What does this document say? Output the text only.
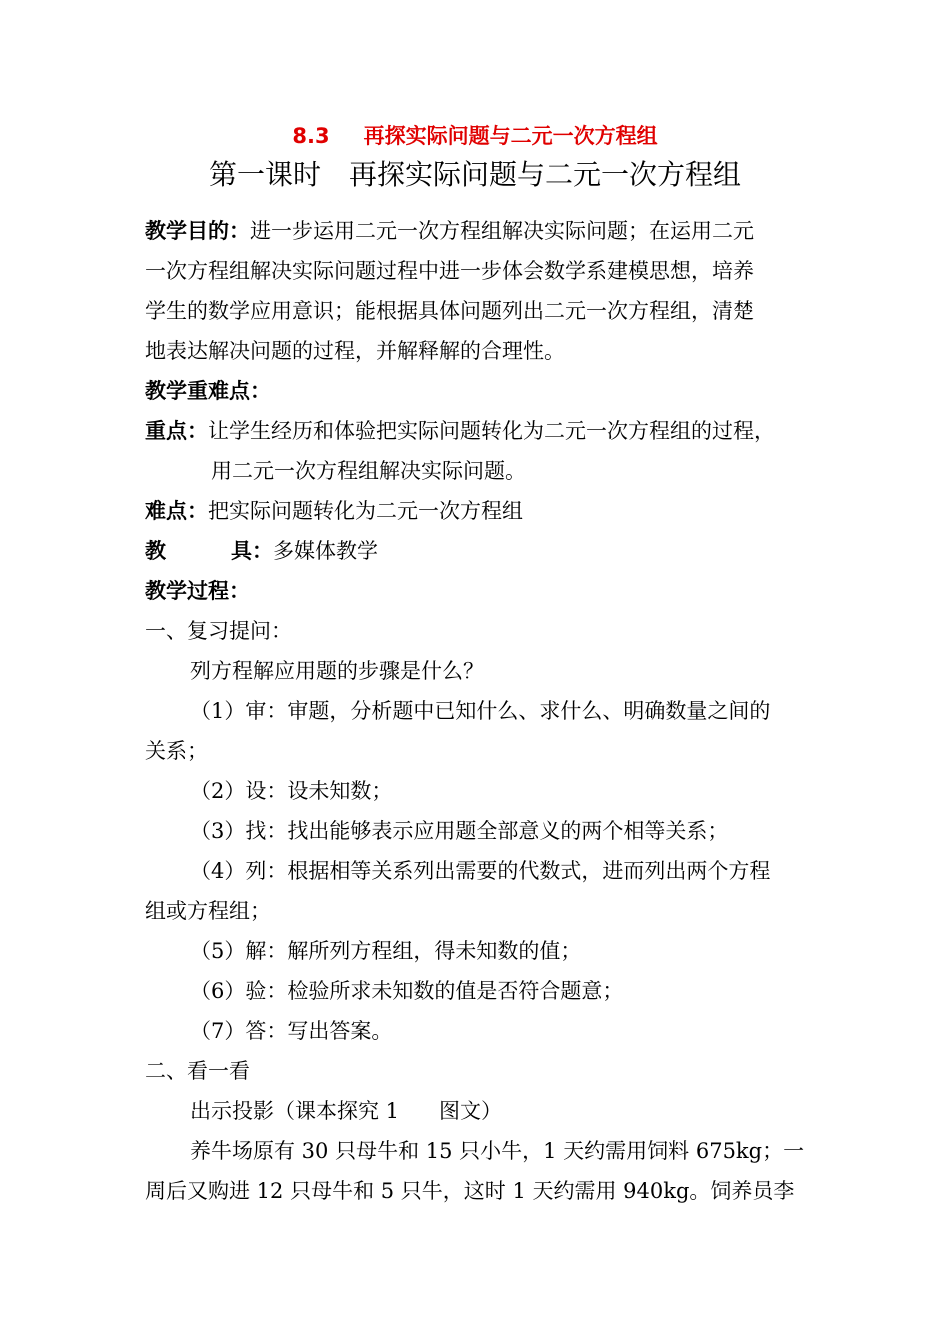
8.3 再探实际问题与二元一次方程组
第一课时 再探实际问题与二元一次方程组
教学目的：进一步运用二元一次方程组解决实际问题；在运用二元
一次方程组解决实际问题过程中进一步体会数学系建模思想，培养
学生的数学应用意识；能根据具体问题列出二元一次方程组，清楚
地表达解决问题的过程，并解释解的合理性。
教学重难点：
重点：让学生经历和体验把实际问题转化为二元一次方程组的过程，
用二元一次方程组解决实际问题。
难点：把实际问题转化为二元一次方程组
教	具：多媒体教学
教学过程：
一、复习提问：
列方程解应用题的步骤是什么？
（1）审：审题，分析题中已知什么、求什么、明确数量之间的
关系；
（2）设：设未知数；
（3）找：找出能够表示应用题全部意义的两个相等关系；
（4）列：根据相等关系列出需要的代数式，进而列出两个方程
组或方程组；
（5）解：解所列方程组，得未知数的值；
（6）验：检验所求未知数的值是否符合题意；
（7）答：写出答案。
二、看一看
出示投影（课本探究 1 图文）
养牛场原有 30 只母牛和 15 只小牛，1 天约需用饲料 675kg；一
周后又购进 12 只母牛和 5 只牛，这时 1 天约需用 940kg。饲养员李
